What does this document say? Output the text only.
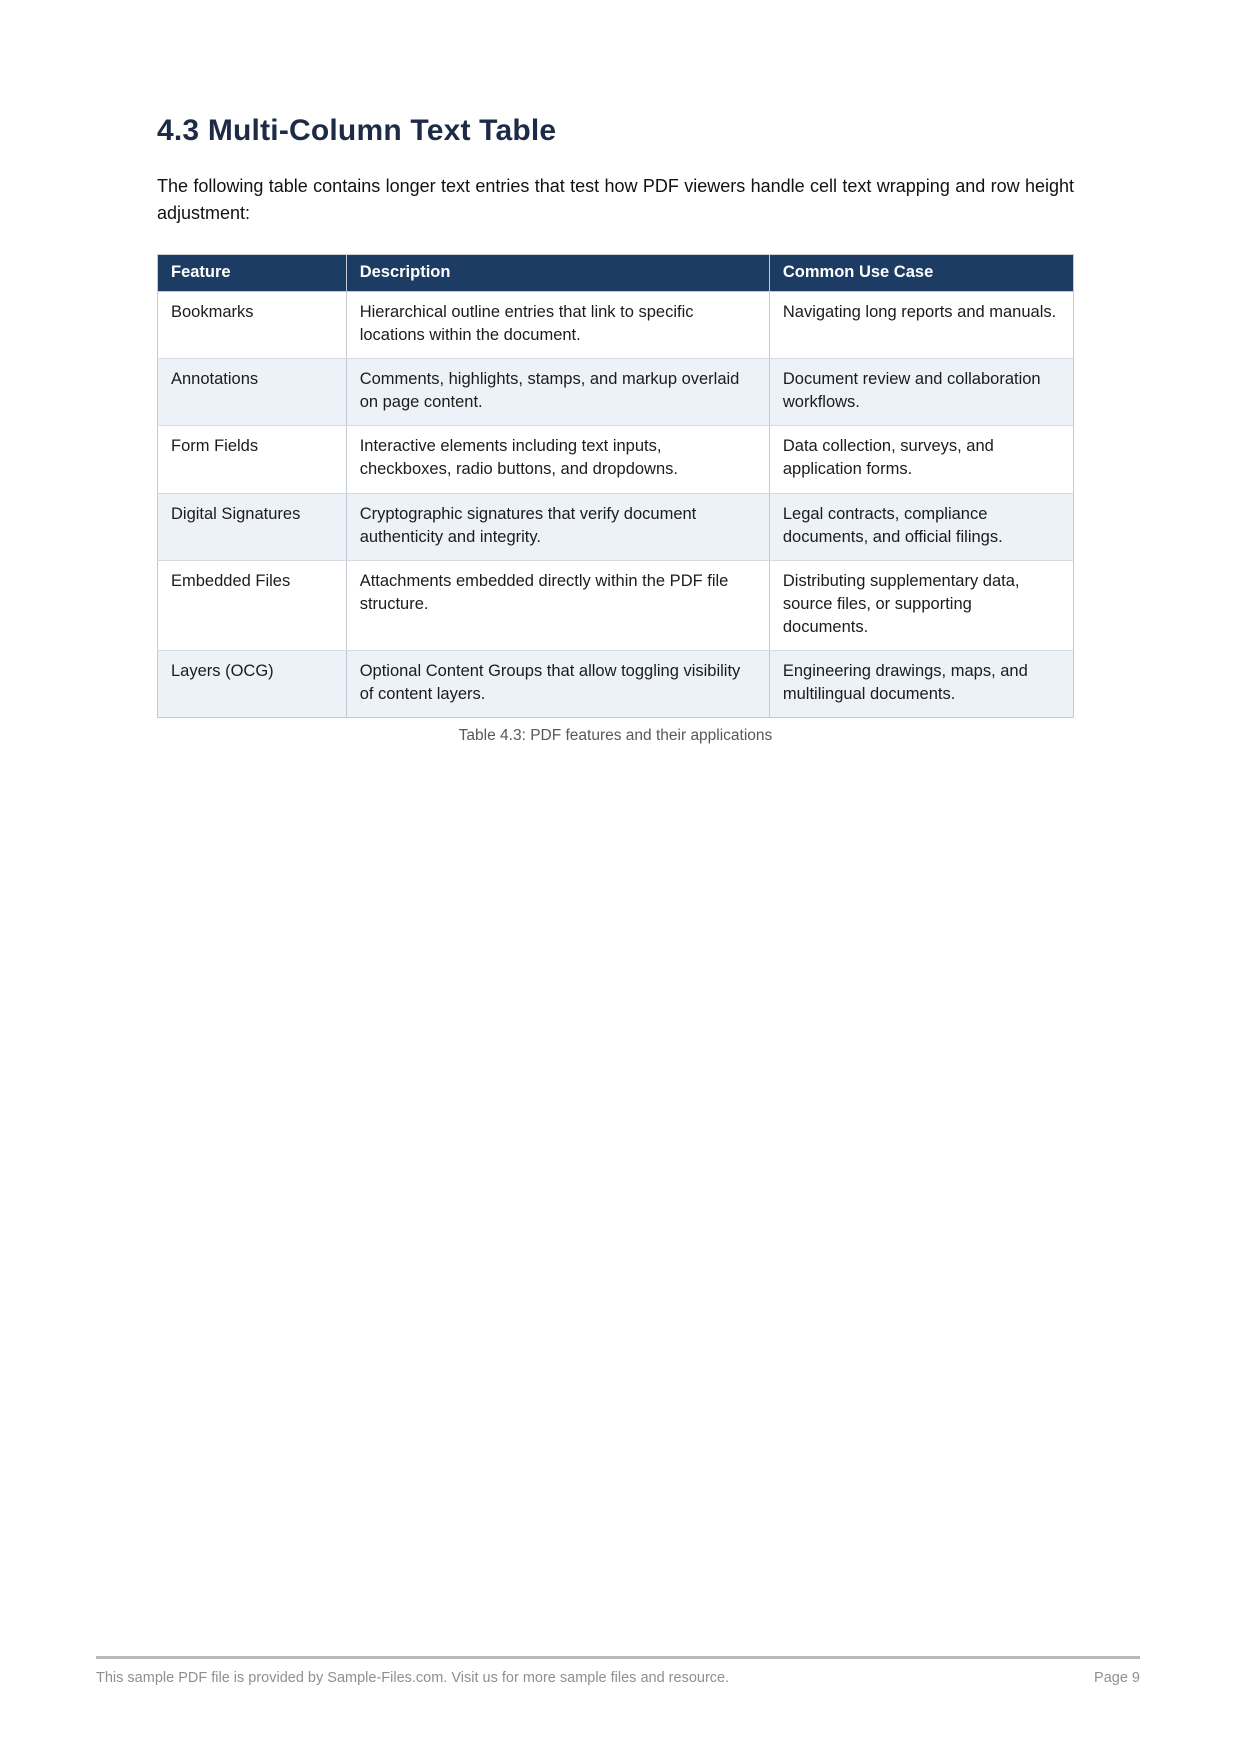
4.3 Multi-Column Text Table

The following table contains longer text entries that test how PDF viewers handle cell text wrapping and row height adjustment:

Feature	Description	Common Use Case
Bookmarks	Hierarchical outline entries that link to specific locations within the document.	Navigating long reports and manuals.
Annotations	Comments, highlights, stamps, and markup overlaid on page content.	Document review and collaboration workflows.
Form Fields	Interactive elements including text inputs, checkboxes, radio buttons, and dropdowns.	Data collection, surveys, and application forms.
Digital Signatures	Cryptographic signatures that verify document authenticity and integrity.	Legal contracts, compliance documents, and official filings.
Embedded Files	Attachments embedded directly within the PDF file structure.	Distributing supplementary data, source files, or supporting documents.
Layers (OCG)	Optional Content Groups that allow toggling visibility of content layers.	Engineering drawings, maps, and multilingual documents.
Table 4.3: PDF features and their applications
This sample PDF file is provided by Sample-Files.com. Visit us for more sample files and resource.	Page 9
